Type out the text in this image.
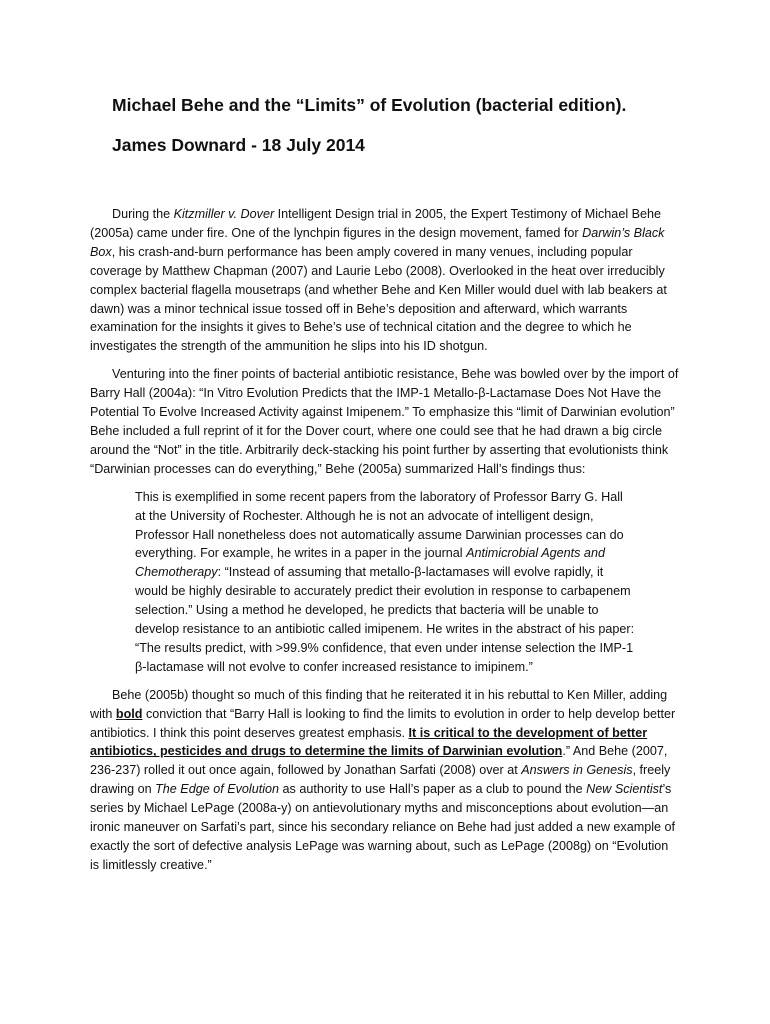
Michael Behe and the “Limits” of Evolution (bacterial edition).
James Downard - 18 July 2014

During the Kitzmiller v. Dover Intelligent Design trial in 2005, the Expert Testimony of Michael Behe (2005a) came under fire. One of the lynchpin figures in the design movement, famed for Darwin’s Black Box, his crash-and-burn performance has been amply covered in many venues, including popular coverage by Matthew Chapman (2007) and Laurie Lebo (2008). Overlooked in the heat over irreducibly complex bacterial flagella mousetraps (and whether Behe and Ken Miller would duel with lab beakers at dawn) was a minor technical issue tossed off in Behe’s deposition and afterward, which warrants examination for the insights it gives to Behe’s use of technical citation and the degree to which he investigates the strength of the ammunition he slips into his ID shotgun.

Venturing into the finer points of bacterial antibiotic resistance, Behe was bowled over by the import of Barry Hall (2004a): “In Vitro Evolution Predicts that the IMP-1 Metallo-β-Lactamase Does Not Have the Potential To Evolve Increased Activity against Imipenem.” To emphasize this “limit of Darwinian evolution” Behe included a full reprint of it for the Dover court, where one could see that he had drawn a big circle around the “Not” in the title. Arbitrarily deck-stacking his point further by asserting that evolutionists think “Darwinian processes can do everything,” Behe (2005a) summarized Hall’s findings thus:

This is exemplified in some recent papers from the laboratory of Professor Barry G. Hall at the University of Rochester. Although he is not an advocate of intelligent design, Professor Hall nonetheless does not automatically assume Darwinian processes can do everything. For example, he writes in a paper in the journal Antimicrobial Agents and Chemotherapy: “Instead of assuming that metallo-β-lactamases will evolve rapidly, it would be highly desirable to accurately predict their evolution in response to carbapenem selection.” Using a method he developed, he predicts that bacteria will be unable to develop resistance to an antibiotic called imipenem. He writes in the abstract of his paper: “The results predict, with >99.9% confidence, that even under intense selection the IMP-1 β-lactamase will not evolve to confer increased resistance to imipinem.”

Behe (2005b) thought so much of this finding that he reiterated it in his rebuttal to Ken Miller, adding with bold conviction that “Barry Hall is looking to find the limits to evolution in order to help develop better antibiotics. I think this point deserves greatest emphasis. It is critical to the development of better antibiotics, pesticides and drugs to determine the limits of Darwinian evolution.” And Behe (2007, 236-237) rolled it out once again, followed by Jonathan Sarfati (2008) over at Answers in Genesis, freely drawing on The Edge of Evolution as authority to use Hall’s paper as a club to pound the New Scientist’s series by Michael LePage (2008a-y) on antievolutionary myths and misconceptions about evolution—an ironic maneuver on Sarfati’s part, since his secondary reliance on Behe had just added a new example of exactly the sort of defective analysis LePage was warning about, such as LePage (2008g) on “Evolution is limitlessly creative.”
